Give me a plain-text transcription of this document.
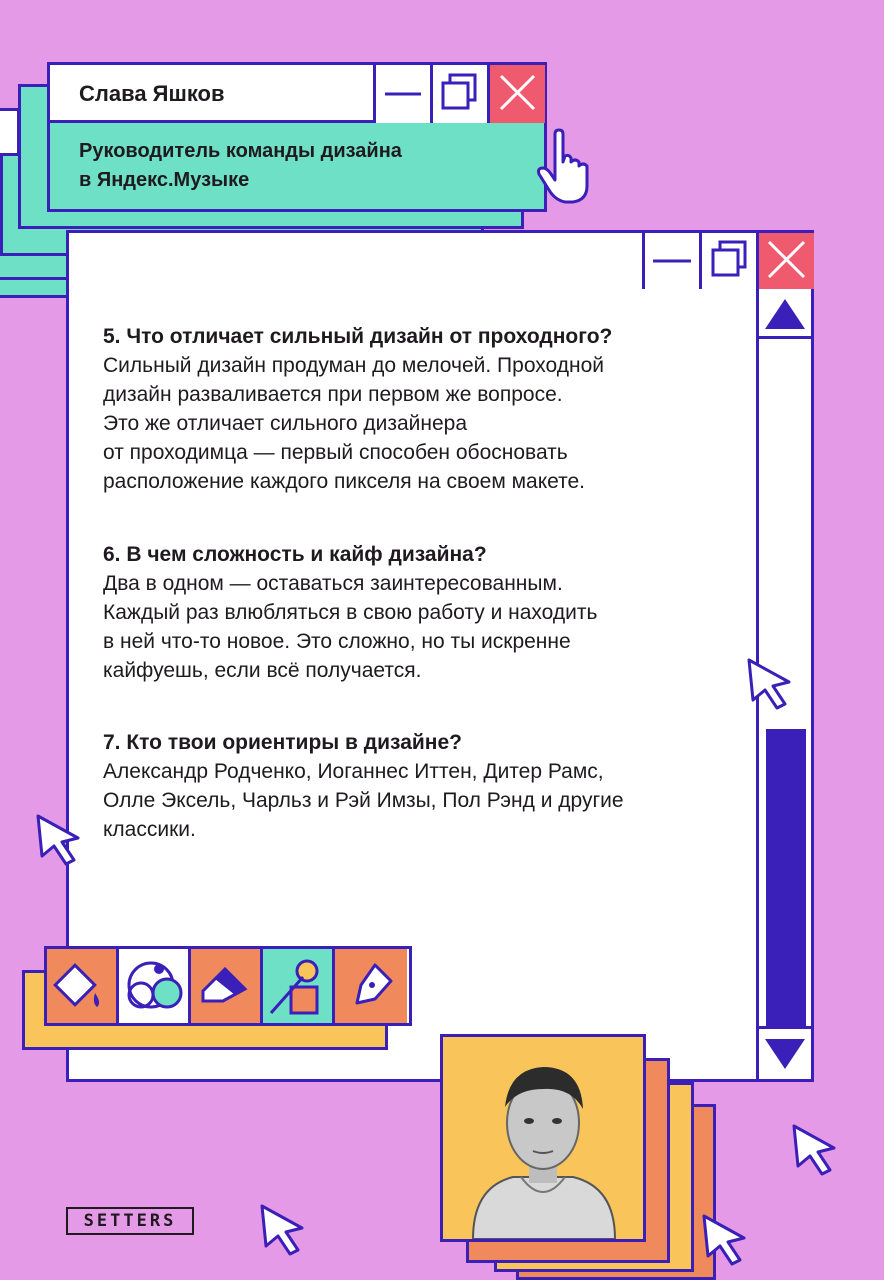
Слава Яшков
Руководитель команды дизайна
в Яндекс.Музыке

5. Что отличает сильный дизайн от проходного?

Сильный дизайн продуман до мелочей. Проходной

дизайн разваливается при первом же вопросе.

Это же отличает сильного дизайнера

от проходимца — первый способен обосновать

расположение каждого пикселя на своем макете.

6. В чем сложность и кайф дизайна?

Два в одном — оставаться заинтересованным.

Каждый раз влюбляться в свою работу и находить

в ней что-то новое. Это сложно, но ты искренне

кайфуешь, если всё получается.

7. Кто твои ориентиры в дизайне?

Александр Родченко, Иоганнес Иттен, Дитер Рамс,

Олле Эксель, Чарльз и Рэй Имзы, Пол Рэнд и другие

классики.

SETTERS
